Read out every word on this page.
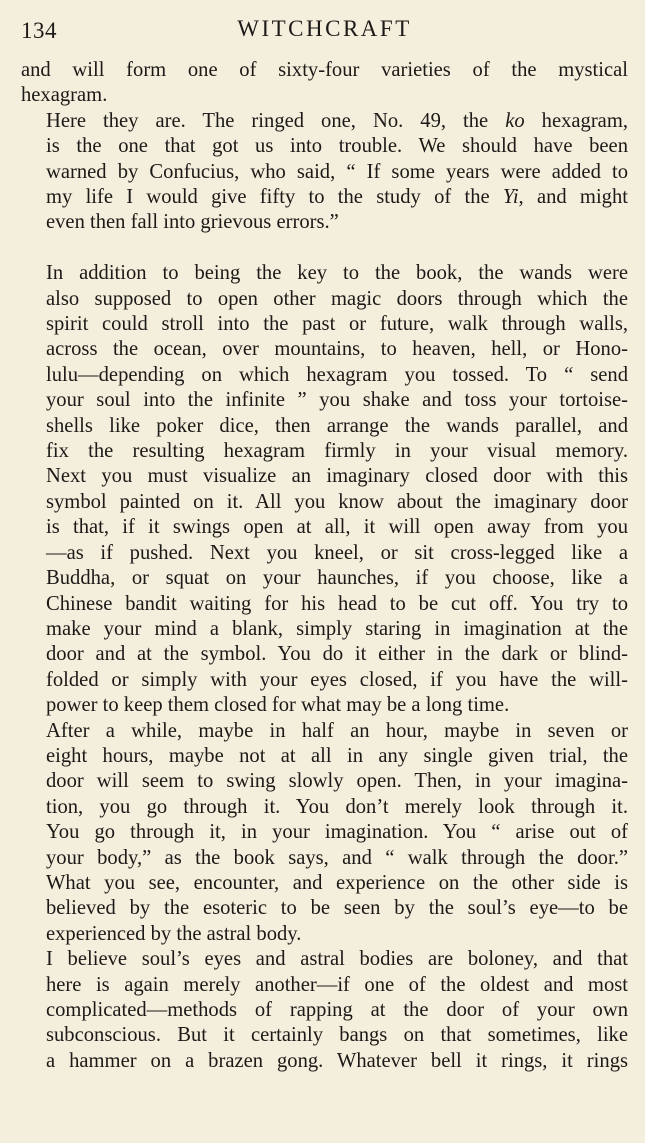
134	WITCHCRAFT

and will form one of sixty-four varieties of the mystical
hexagram.

Here they are. The ringed one, No. 49, the ko hexagram,
is the one that got us into trouble. We should have been
warned by Confucius, who said, “ If some years were added to
my life I would give fifty to the study of the Yi, and might
even then fall into grievous errors.”

In addition to being the key to the book, the wands were
also supposed to open other magic doors through which the
spirit could stroll into the past or future, walk through walls,
across the ocean, over mountains, to heaven, hell, or Hono-
lulu—depending on which hexagram you tossed. To “ send
your soul into the infinite ” you shake and toss your tortoise-
shells like poker dice, then arrange the wands parallel, and
fix the resulting hexagram firmly in your visual memory.
Next you must visualize an imaginary closed door with this
symbol painted on it. All you know about the imaginary door
is that, if it swings open at all, it will open away from you
—as if pushed. Next you kneel, or sit cross-legged like a
Buddha, or squat on your haunches, if you choose, like a
Chinese bandit waiting for his head to be cut off. You try to
make your mind a blank, simply staring in imagination at the
door and at the symbol. You do it either in the dark or blind-
folded or simply with your eyes closed, if you have the will-
power to keep them closed for what may be a long time.

After a while, maybe in half an hour, maybe in seven or
eight hours, maybe not at all in any single given trial, the
door will seem to swing slowly open. Then, in your imagina-
tion, you go through it. You don’t merely look through it.
You go through it, in your imagination. You “ arise out of
your body,” as the book says, and “ walk through the door.”
What you see, encounter, and experience on the other side is
believed by the esoteric to be seen by the soul’s eye—to be
experienced by the astral body.

I believe soul’s eyes and astral bodies are boloney, and that
here is again merely another—if one of the oldest and most
complicated—methods of rapping at the door of your own
subconscious. But it certainly bangs on that sometimes, like
a hammer on a brazen gong. Whatever bell it rings, it rings
